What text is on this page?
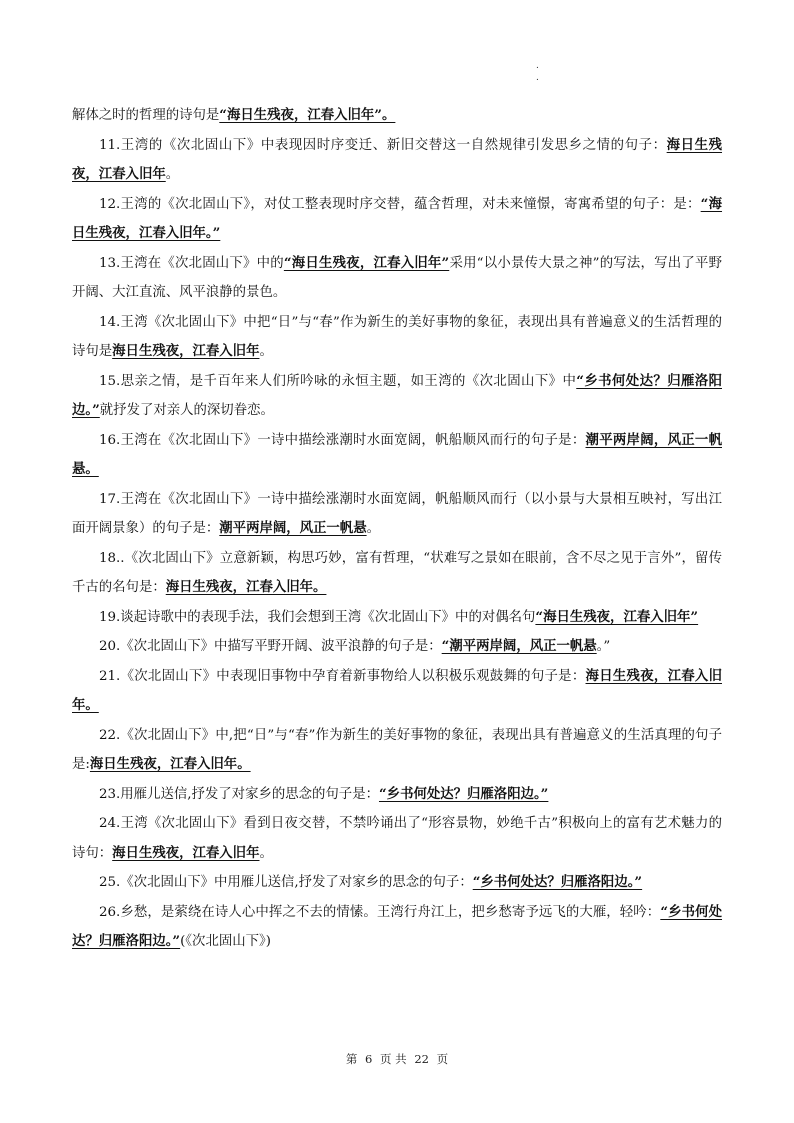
.
.

解体之时的哲理的诗句是“海日生残夜，江春入旧年”。

11.王湾的《次北固山下》中表现因时序变迁、新旧交替这一自然规律引发思乡之情的句子：海日生残夜，江春入旧年。

12.王湾的《次北固山下》，对仗工整表现时序交替，蕴含哲理，对未来憧憬，寄寓希望的句子：是：“海日生残夜，江春入旧年。”

13.王湾在《次北固山下》中的“海日生残夜，江春入旧年”采用“以小景传大景之神”的写法，写出了平野开阔、大江直流、风平浪静的景色。

14.王湾《次北固山下》中把“日”与“春”作为新生的美好事物的象征，表现出具有普遍意义的生活哲理的诗句是海日生残夜，江春入旧年。

15.思亲之情，是千百年来人们所吟咏的永恒主题，如王湾的《次北固山下》中“乡书何处达？归雁洛阳边。”就抒发了对亲人的深切眷恋。

16.王湾在《次北固山下》一诗中描绘涨潮时水面宽阔，帆船顺风而行的句子是：潮平两岸阔，风正一帆悬。

17.王湾在《次北固山下》一诗中描绘涨潮时水面宽阔，帆船顺风而行（以小景与大景相互映衬，写出江面开阔景象）的句子是：潮平两岸阔，风正一帆悬。

18..《次北固山下》立意新颖，构思巧妙，富有哲理，“状难写之景如在眼前，含不尽之见于言外”，留传千古的名句是：海日生残夜，江春入旧年。

19.谈起诗歌中的表现手法，我们会想到王湾《次北固山下》中的对偶名句“海日生残夜，江春入旧年”

20.《次北固山下》中描写平野开阔、波平浪静的句子是：“潮平两岸阔，风正一帆悬。”

21.《次北固山下》中表现旧事物中孕育着新事物给人以积极乐观鼓舞的句子是：海日生残夜，江春入旧年。

22.《次北固山下》中,把“日”与“春”作为新生的美好事物的象征，表现出具有普遍意义的生活真理的句子是:海日生残夜，江春入旧年。

23.用雁儿送信,抒发了对家乡的思念的句子是：“乡书何处达？归雁洛阳边。”

24.王湾《次北固山下》看到日夜交替，不禁吟诵出了“形容景物，妙绝千古”积极向上的富有艺术魅力的诗句：海日生残夜，江春入旧年。

25.《次北固山下》中用雁儿送信,抒发了对家乡的思念的句子：“乡书何处达？归雁洛阳边。”

26.乡愁，是萦绕在诗人心中挥之不去的情愫。王湾行舟江上，把乡愁寄予远飞的大雁，轻吟：“乡书何处达？归雁洛阳边。”(《次北固山下》)

第 6 页 共 22 页
